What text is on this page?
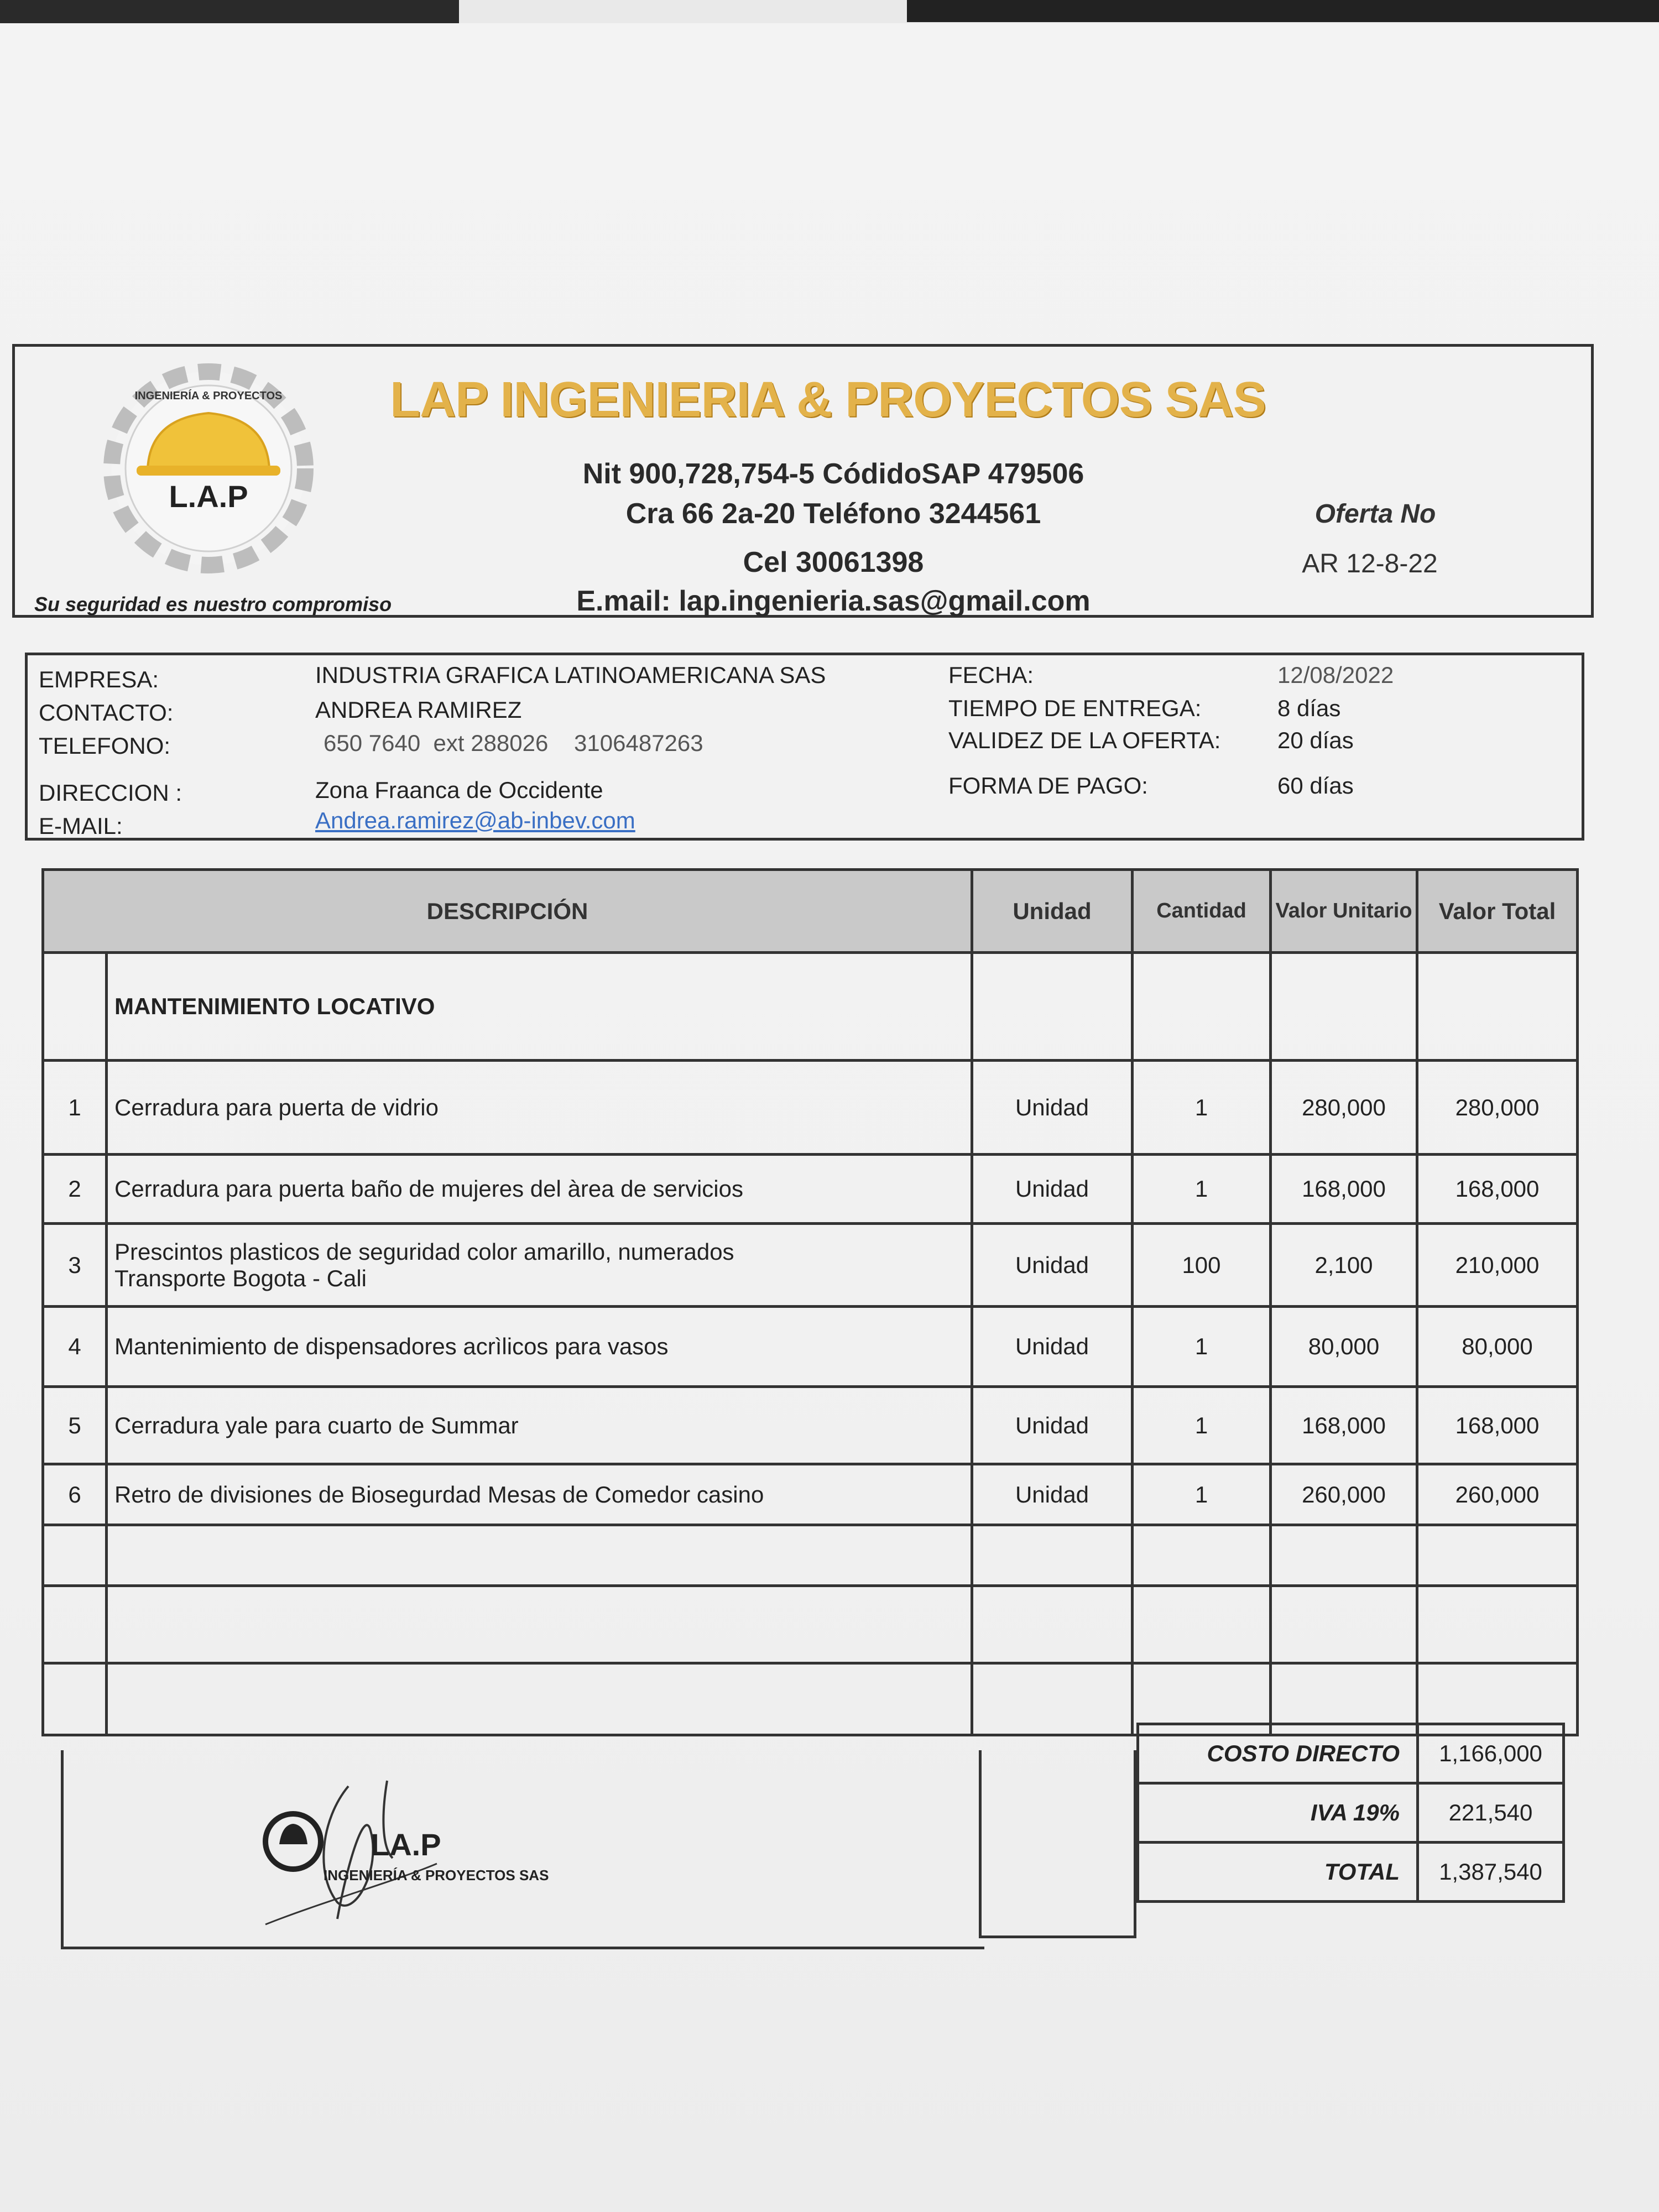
L.A.P
INGENIERÍA & PROYECTOS	LAP INGENIERIA & PROYECTOS SAS
Nit 900,728,754-5 CódidoSAP 479506
Cra 66 2a-20 Teléfono 3244561
Cel 30061398
E.mail: lap.ingenieria.sas@gmail.com
Oferta No
AR 12-8-22
Su seguridad es nuestro compromiso
EMPRESA:	INDUSTRIA GRAFICA LATINOAMERICANA SAS
CONTACTO:	ANDREA RAMIREZ
TELEFONO:	650 7640  ext 288026    3106487263
DIRECCION :	Zona Fraanca de Occidente
E-MAIL:	Andrea.ramirez@ab-inbev.com
FECHA:	12/08/2022
TIEMPO DE ENTREGA:	8 días
VALIDEZ DE LA OFERTA: 20 días
FORMA DE PAGO:	60 días
DESCRIPCIÓN		Unidad	Cantidad	Valor Unitario	Valor Total
	MANTENIMIENTO LOCATIVO				
1	Cerradura para puerta de vidrio	Unidad	1	280,000	280,000
2	Cerradura para puerta baño de mujeres del àrea de servicios	Unidad	1	168,000	168,000
3	Prescintos plasticos de seguridad color amarillo, numerados
Transporte Bogota - Cali	Unidad	100	2,100	210,000
4	Mantenimiento de dispensadores acrìlicos para vasos	Unidad	1	80,000	80,000
5	Cerradura yale para cuarto de Summar	Unidad	1	168,000	168,000
6	Retro de divisiones de Biosegurdad Mesas de Comedor casino	Unidad	1	260,000	260,000

LA.P
INGENIERÍA & PROYECTOS SAS
COSTO DIRECTO	1,166,000
IVA 19%	221,540
TOTAL	1,387,540
